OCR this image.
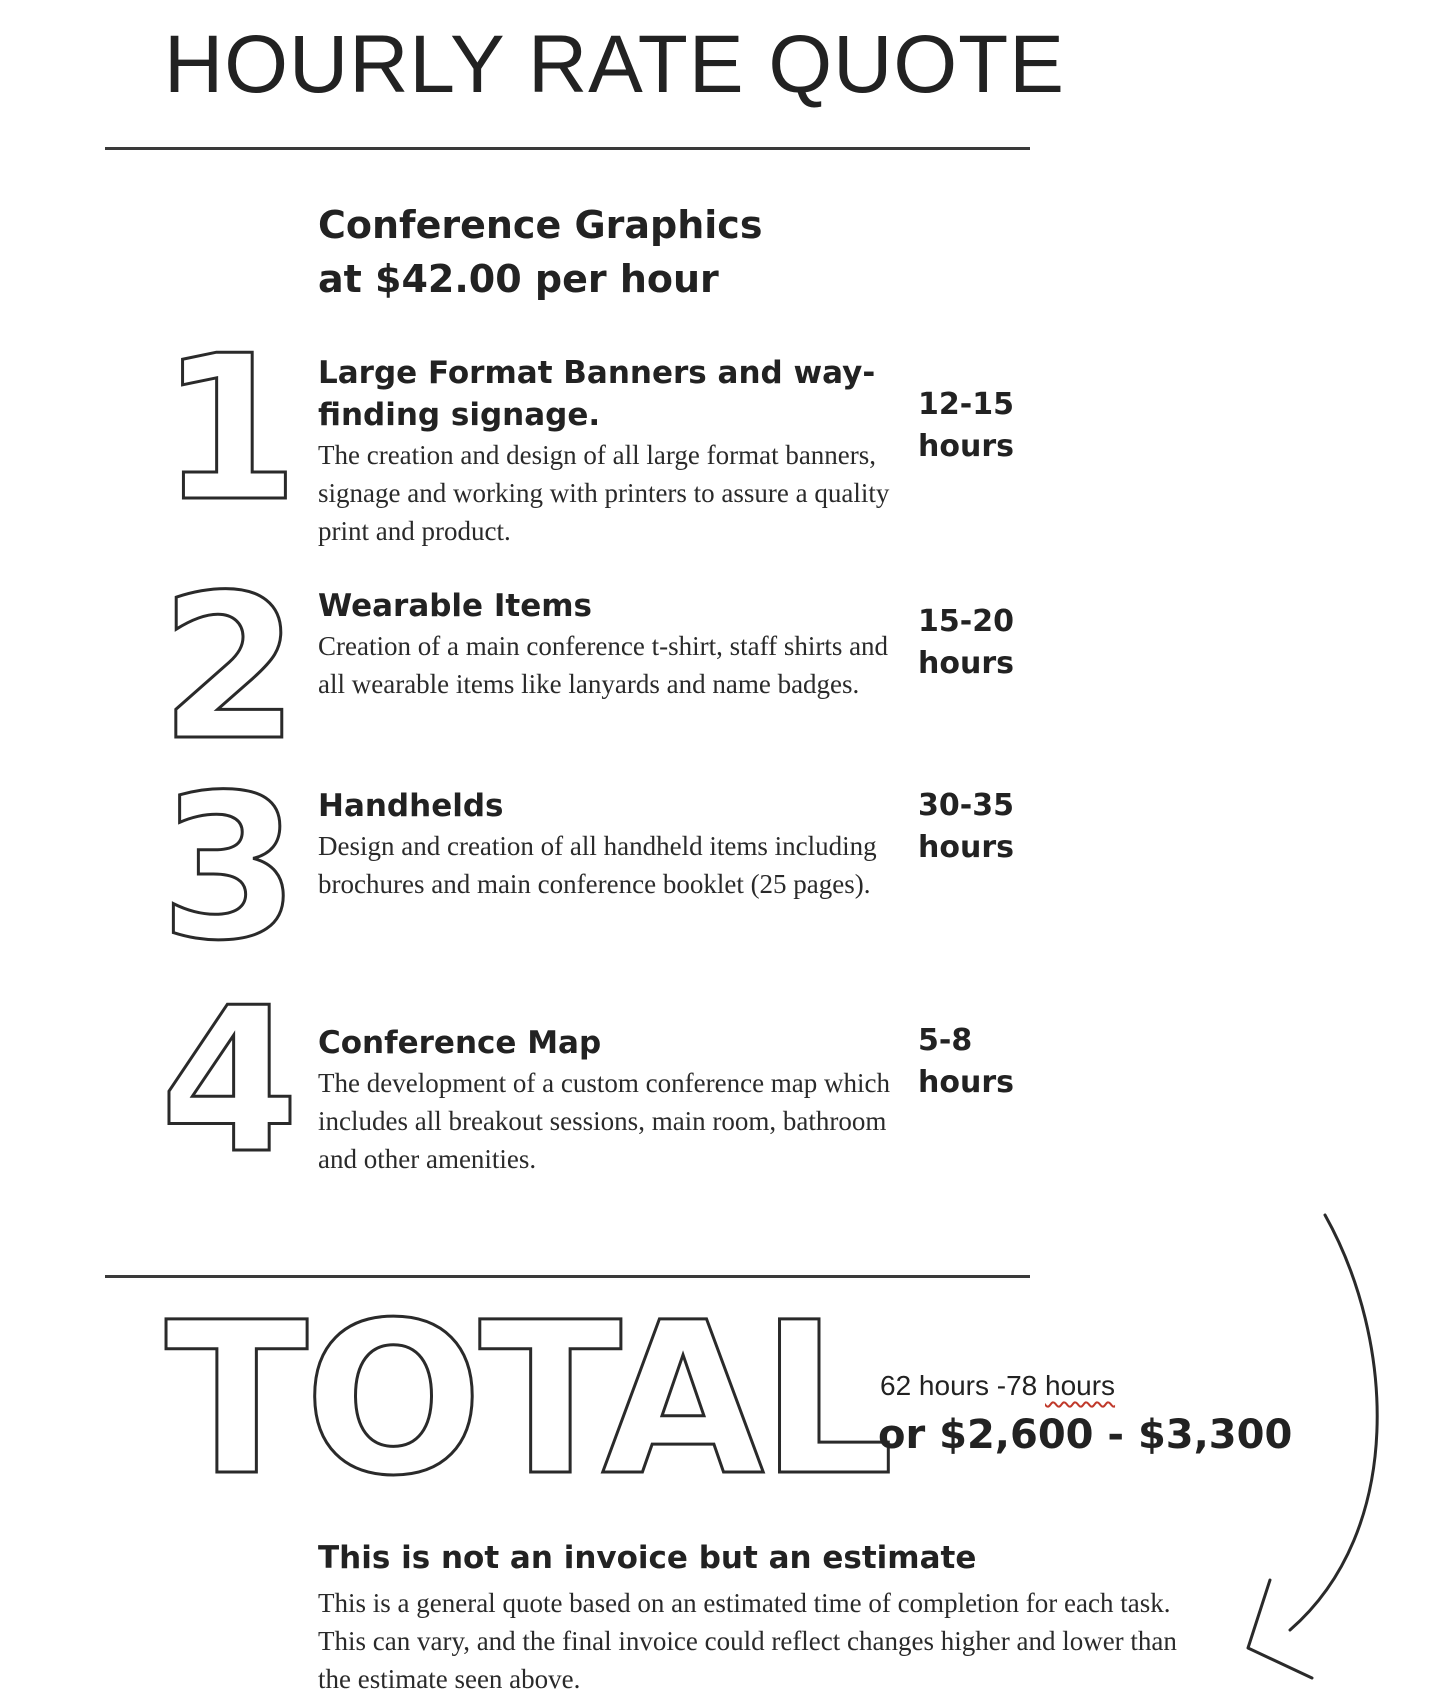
HOURLY RATE QUOTE
Conference Graphics
at $42.00 per hour
1 Large Format Banners and way-finding signage.
The creation and design of all large format banners, signage and working with printers to assure a quality print and product.
12-15
hours
2 Wearable Items
Creation of a main conference t-shirt, staff shirts and all wearable items like lanyards and name badges.
15-20
hours
3 Handhelds
Design and creation of all handheld items including brochures and main conference booklet (25 pages).
30-35
hours
4 Conference Map
The development of a custom conference map which includes all breakout sessions, main room, bathroom and other amenities.
5-8
hours
TOTAL
62 hours -78 hours
or $2,600 - $3,300
This is not an invoice but an estimate
This is a general quote based on an estimated time of completion for each task. This can vary, and the final invoice could reflect changes higher and lower than the estimate seen above.
